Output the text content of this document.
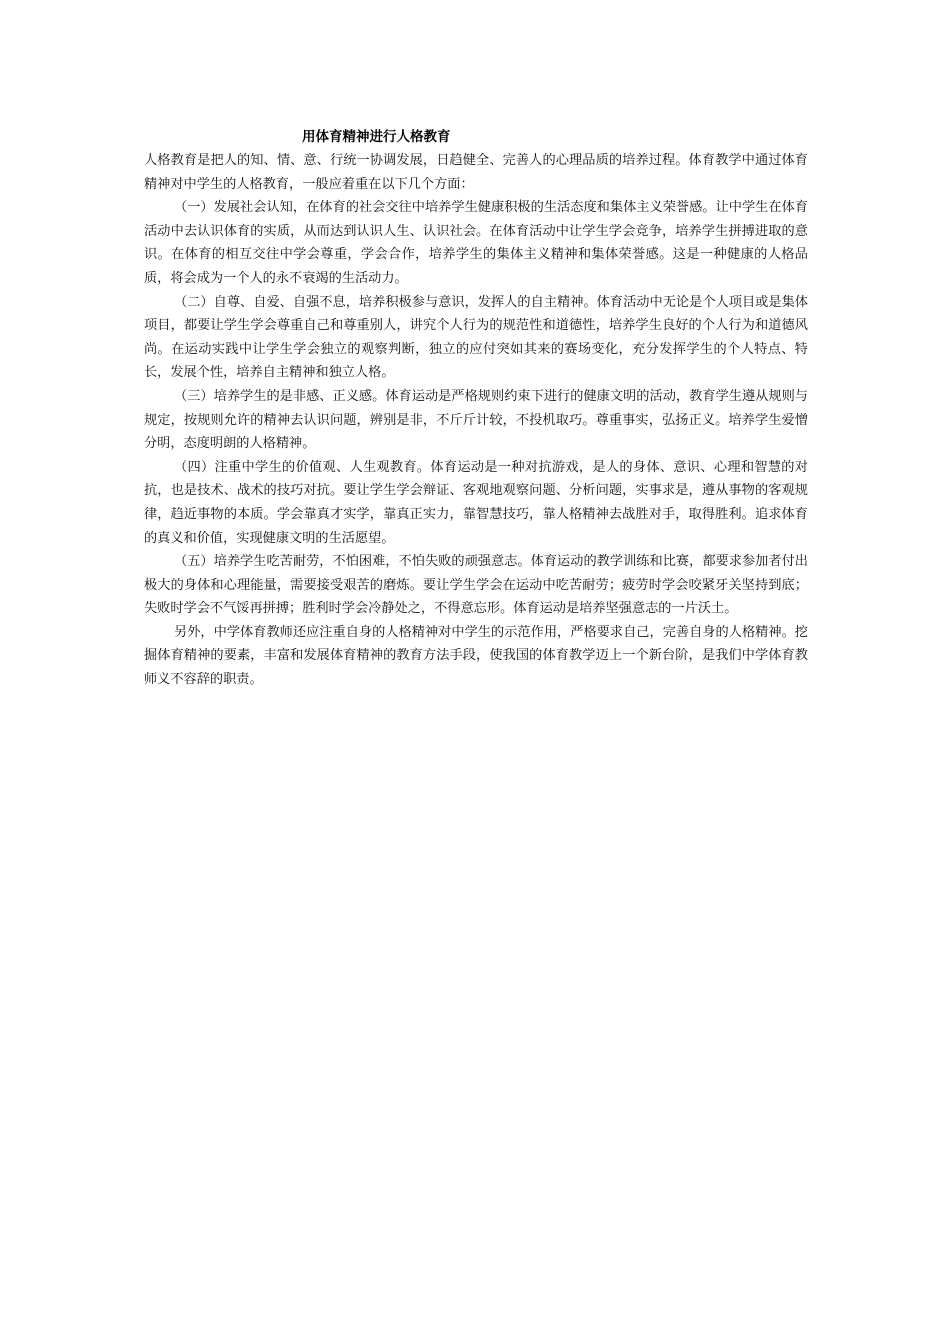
用体育精神进行人格教育

人格教育是把人的知、情、意、行统一协调发展，日趋健全、完善人的心理品质的培养过程。体育教学中通过体育精神对中学生的人格教育，一般应着重在以下几个方面：

（一）发展社会认知，在体育的社会交往中培养学生健康积极的生活态度和集体主义荣誉感。让中学生在体育活动中去认识体育的实质，从而达到认识人生、认识社会。在体育活动中让学生学会竞争，培养学生拼搏进取的意识。在体育的相互交往中学会尊重，学会合作，培养学生的集体主义精神和集体荣誉感。这是一种健康的人格品质，将会成为一个人的永不衰竭的生活动力。

（二）自尊、自爱、自强不息，培养积极参与意识，发挥人的自主精神。体育活动中无论是个人项目或是集体项目，都要让学生学会尊重自己和尊重别人，讲究个人行为的规范性和道德性，培养学生良好的个人行为和道德风尚。在运动实践中让学生学会独立的观察判断，独立的应付突如其来的赛场变化，充分发挥学生的个人特点、特长，发展个性，培养自主精神和独立人格。

（三）培养学生的是非感、正义感。体育运动是严格规则约束下进行的健康文明的活动，教育学生遵从规则与规定，按规则允许的精神去认识问题，辨别是非，不斤斤计较，不投机取巧。尊重事实，弘扬正义。培养学生爱憎分明，态度明朗的人格精神。

（四）注重中学生的价值观、人生观教育。体育运动是一种对抗游戏，是人的身体、意识、心理和智慧的对抗，也是技术、战术的技巧对抗。要让学生学会辩证、客观地观察问题、分析问题，实事求是，遵从事物的客观规律，趋近事物的本质。学会靠真才实学，靠真正实力，靠智慧技巧，靠人格精神去战胜对手，取得胜利。追求体育的真义和价值，实现健康文明的生活愿望。

（五）培养学生吃苦耐劳，不怕困难，不怕失败的顽强意志。体育运动的教学训练和比赛，都要求参加者付出极大的身体和心理能量，需要接受艰苦的磨炼。要让学生学会在运动中吃苦耐劳；疲劳时学会咬紧牙关坚持到底；失败时学会不气馁再拼搏；胜利时学会冷静处之，不得意忘形。体育运动是培养坚强意志的一片沃土。

另外，中学体育教师还应注重自身的人格精神对中学生的示范作用，严格要求自己，完善自身的人格精神。挖掘体育精神的要素，丰富和发展体育精神的教育方法手段，使我国的体育教学迈上一个新台阶，是我们中学体育教师义不容辞的职责。
